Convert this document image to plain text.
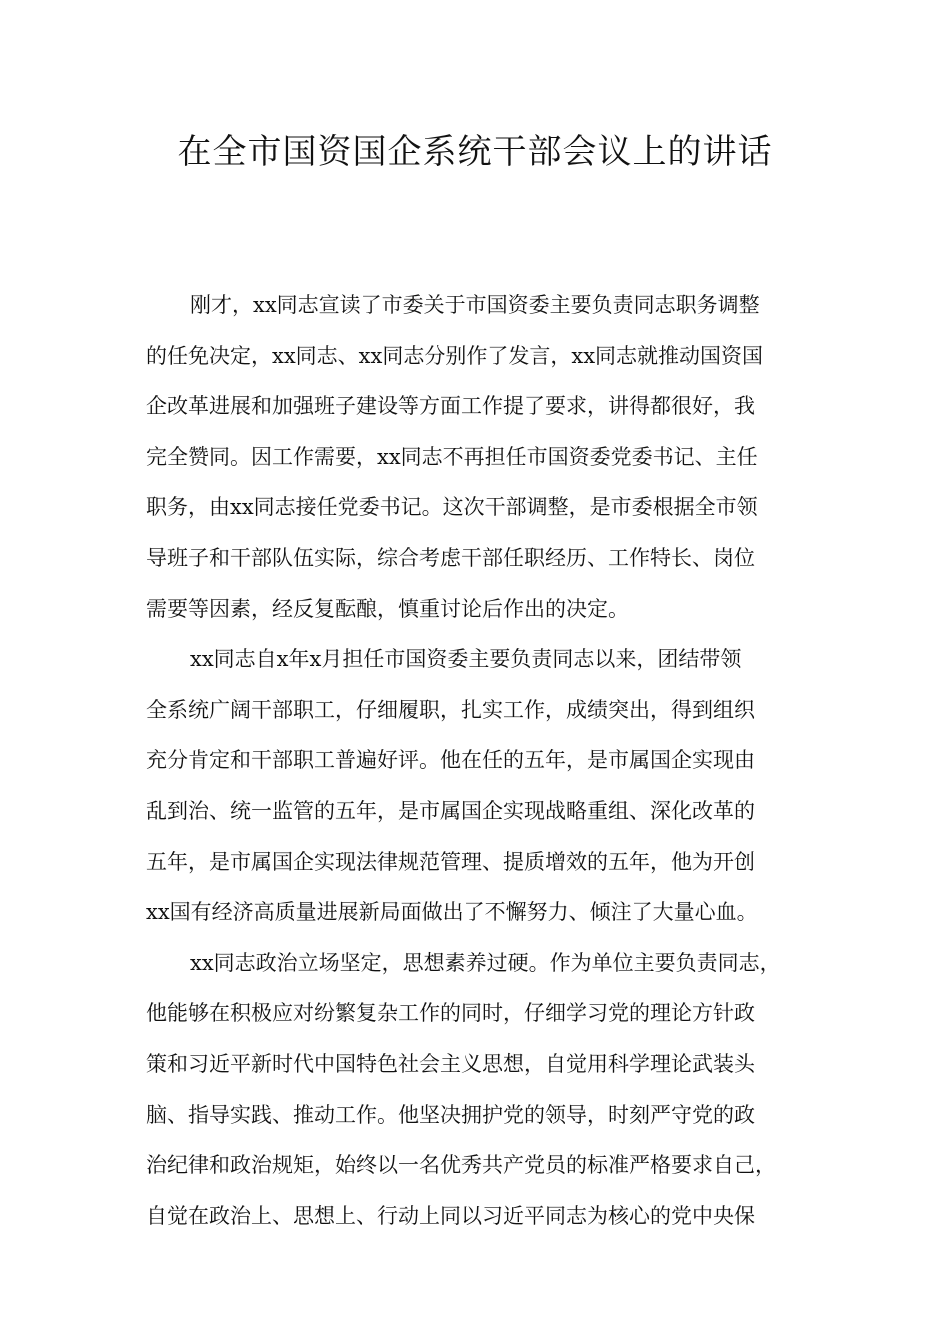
在全市国资国企系统干部会议上的讲话
刚才，xx同志宣读了市委关于市国资委主要负责同志职务调整
的任免决定，xx同志、xx同志分别作了发言，xx同志就推动国资国
企改革进展和加强班子建设等方面工作提了要求，讲得都很好，我
完全赞同。因工作需要，xx同志不再担任市国资委党委书记、主任
职务，由xx同志接任党委书记。这次干部调整，是市委根据全市领
导班子和干部队伍实际，综合考虑干部任职经历、工作特长、岗位
需要等因素，经反复酝酿，慎重讨论后作出的决定。
xx同志自x年x月担任市国资委主要负责同志以来，团结带领
全系统广阔干部职工，仔细履职，扎实工作，成绩突出，得到组织
充分肯定和干部职工普遍好评。他在任的五年，是市属国企实现由
乱到治、统一监管的五年，是市属国企实现战略重组、深化改革的
五年，是市属国企实现法律规范管理、提质增效的五年，他为开创
xx国有经济高质量进展新局面做出了不懈努力、倾注了大量心血。
xx同志政治立场坚定，思想素养过硬。作为单位主要负责同志，
他能够在积极应对纷繁复杂工作的同时，仔细学习党的理论方针政
策和习近平新时代中国特色社会主义思想，自觉用科学理论武装头
脑、指导实践、推动工作。他坚决拥护党的领导，时刻严守党的政
治纪律和政治规矩，始终以一名优秀共产党员的标准严格要求自己，
自觉在政治上、思想上、行动上同以习近平同志为核心的党中央保
